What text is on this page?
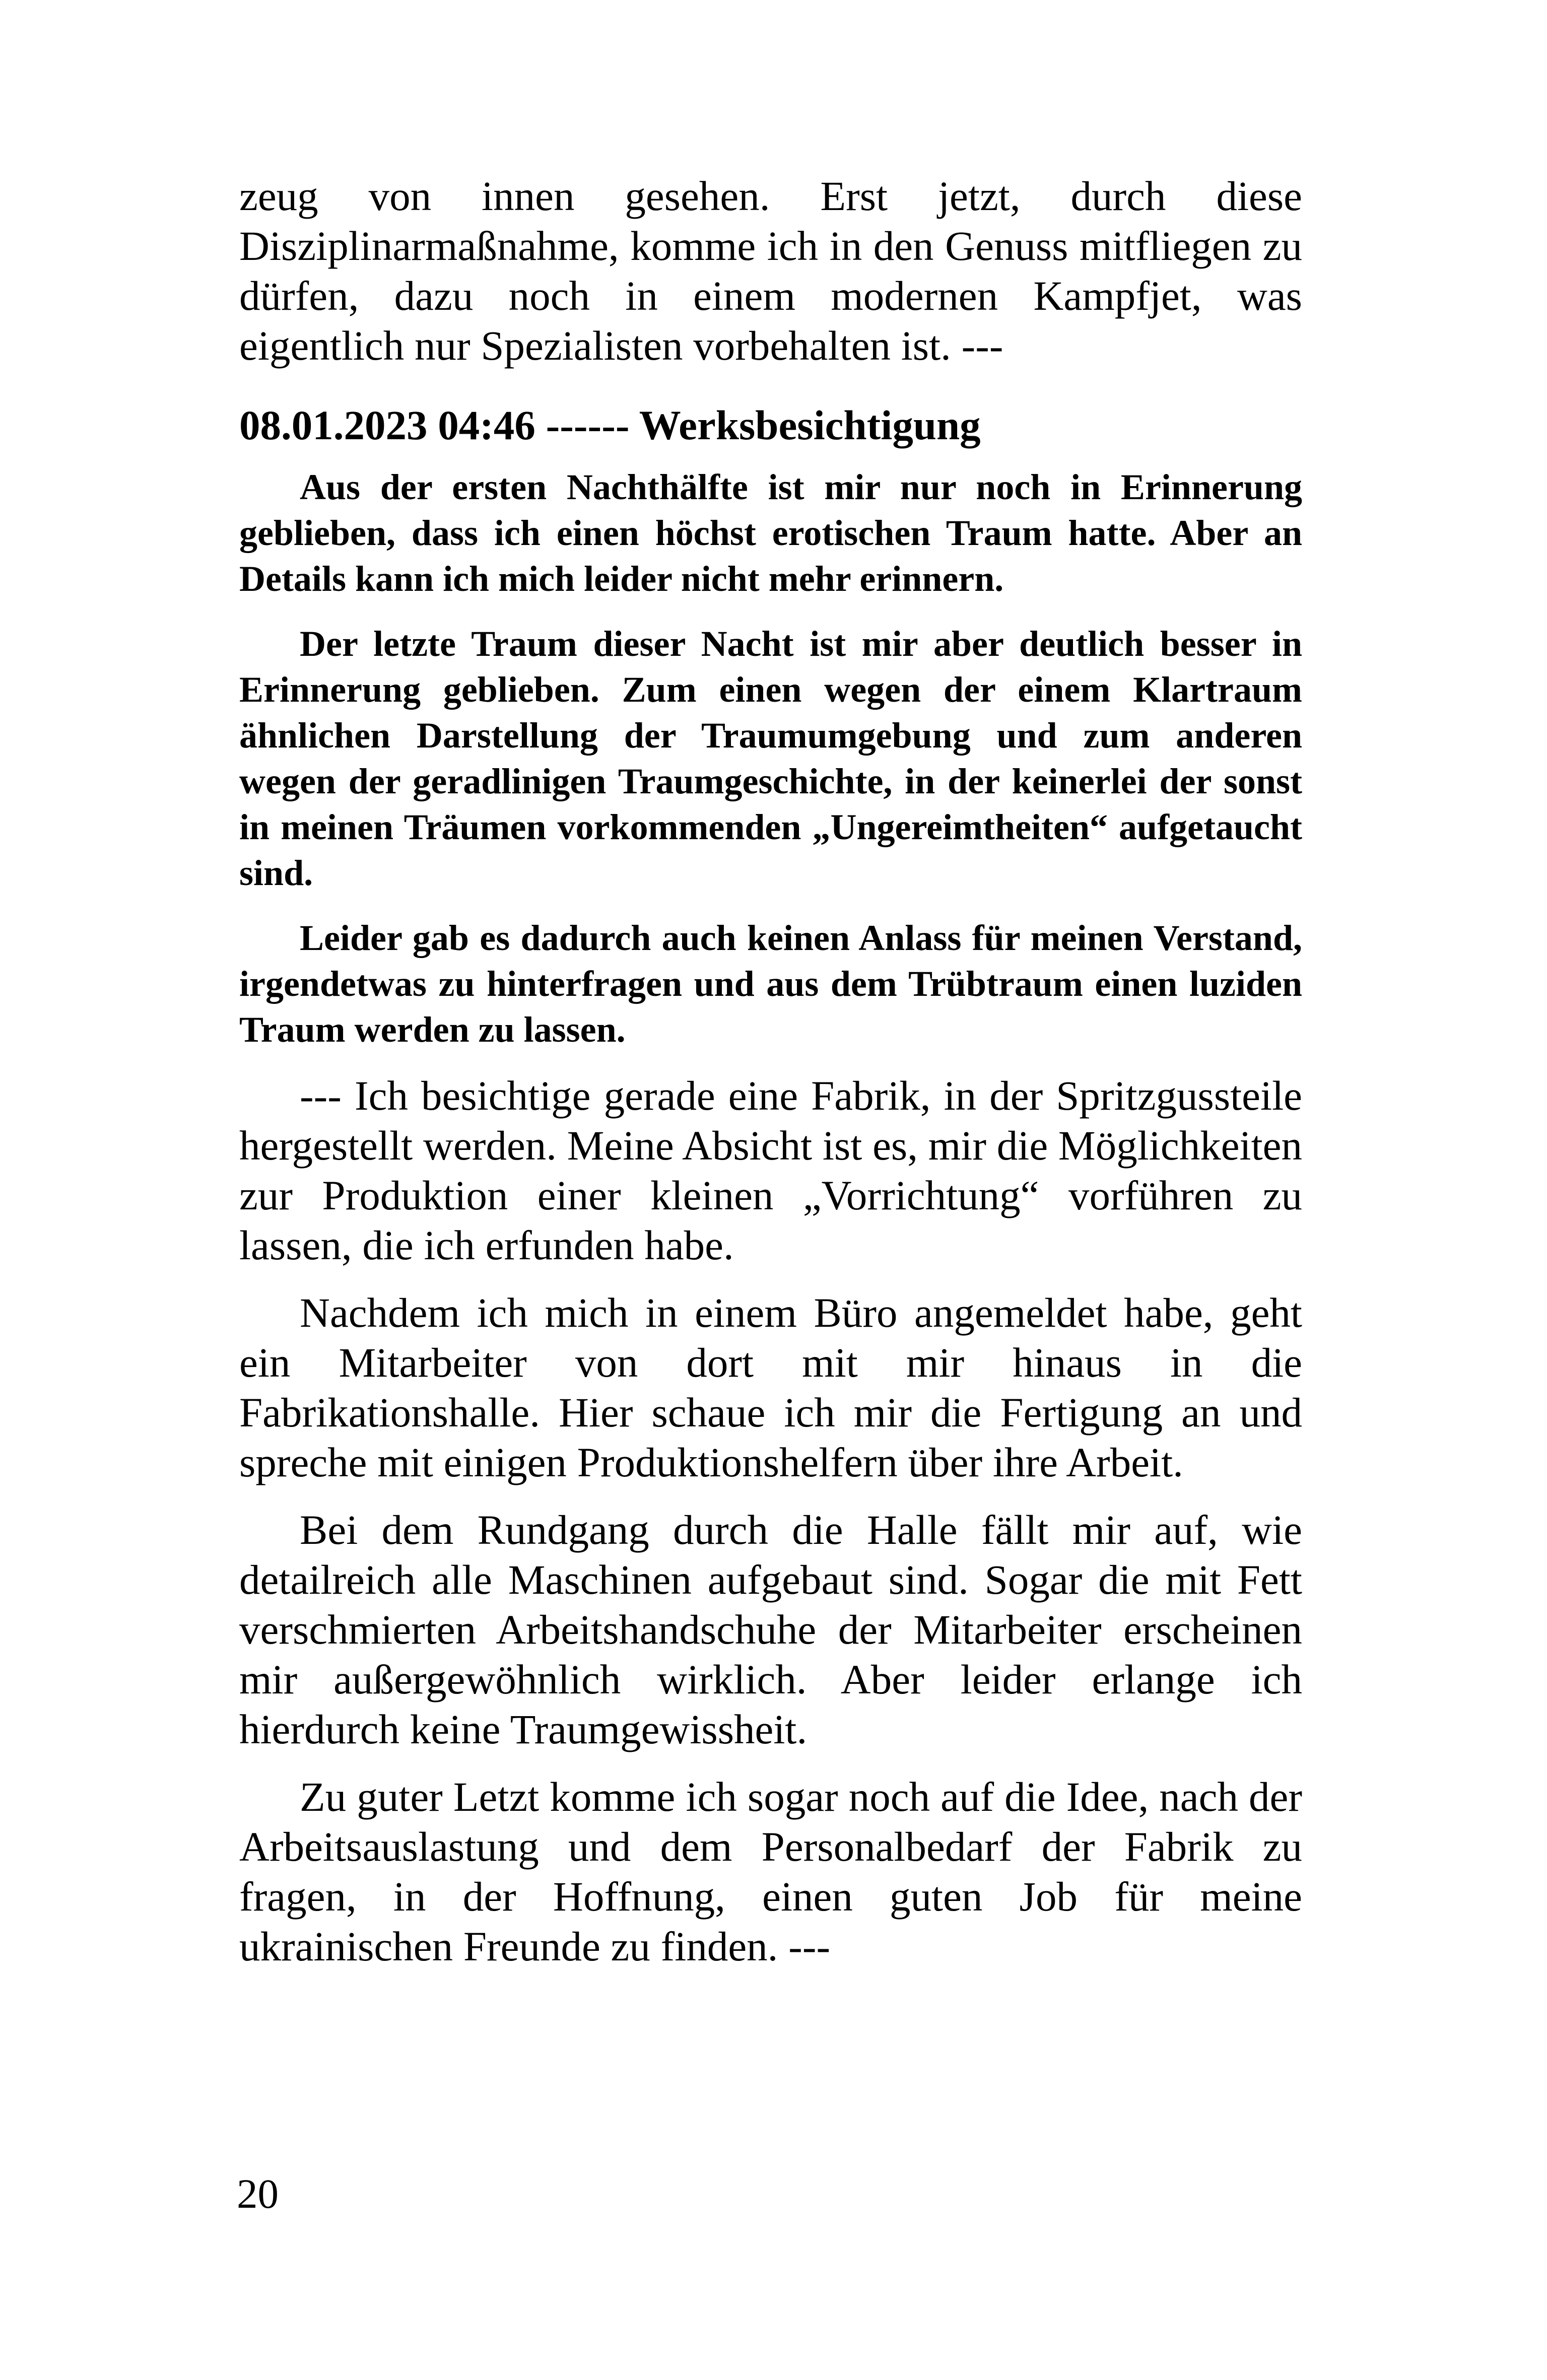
zeug von innen gesehen. Erst jetzt, durch diese Disziplinarmaßnahme, komme ich in den Genuss mitfliegen zu dürfen, dazu noch in einem modernen Kampfjet, was eigentlich nur Spezialisten vorbehalten ist. ---

08.01.2023 04:46 ------ Werksbesichtigung

Aus der ersten Nachthälfte ist mir nur noch in Erinnerung geblieben, dass ich einen höchst erotischen Traum hatte. Aber an Details kann ich mich leider nicht mehr erinnern.

Der letzte Traum dieser Nacht ist mir aber deutlich besser in Erinnerung geblieben. Zum einen wegen der einem Klartraum ähnlichen Darstellung der Traumumgebung und zum anderen wegen der geradlinigen Traumgeschichte, in der keinerlei der sonst in meinen Träumen vorkommenden „Ungereimtheiten“ aufgetaucht sind.

Leider gab es dadurch auch keinen Anlass für meinen Verstand, irgendetwas zu hinterfragen und aus dem Trübtraum einen luziden Traum werden zu lassen.

--- Ich besichtige gerade eine Fabrik, in der Spritzgussteile hergestellt werden. Meine Absicht ist es, mir die Möglichkeiten zur Produktion einer kleinen „Vorrichtung“ vorführen zu lassen, die ich erfunden habe.

Nachdem ich mich in einem Büro angemeldet habe, geht ein Mitarbeiter von dort mit mir hinaus in die Fabrikationshalle. Hier schaue ich mir die Fertigung an und spreche mit einigen Produktionshelfern über ihre Arbeit.

Bei dem Rundgang durch die Halle fällt mir auf, wie detailreich alle Maschinen aufgebaut sind. Sogar die mit Fett verschmierten Arbeitshandschuhe der Mitarbeiter erscheinen mir außergewöhnlich wirklich. Aber leider erlange ich hierdurch keine Traumgewissheit.

Zu guter Letzt komme ich sogar noch auf die Idee, nach der Arbeitsauslastung und dem Personalbedarf der Fabrik zu fragen, in der Hoffnung, einen guten Job für meine ukrainischen Freunde zu finden. ---

20
